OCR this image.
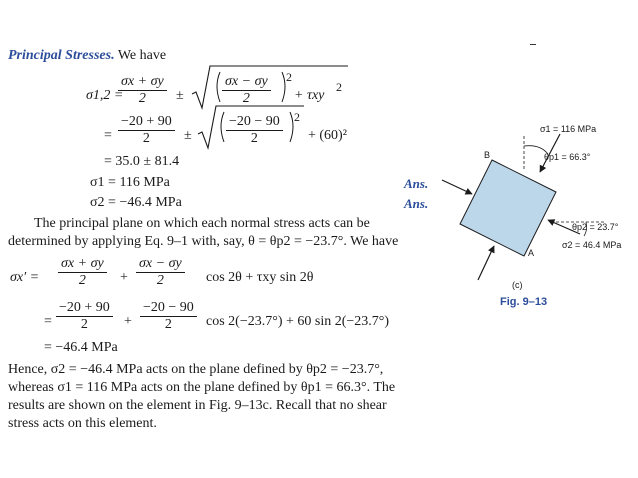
Principal Stresses. We have
σ1,2 =
$\frac{\sigma x + \sigma y}{2}$ ±	$\frac{\sigma x - \sigma y}{2} 2$
+ τxy
2
= $\frac{-20 + 90}{2} \pm \frac{-20 - 90}{2} 2$
+ (60)²
= 35.0 ± 81.4
σ1 = 116 MPa	Ans.
σ2 = −46.4 MPa	Ans.
The principal plane on which each normal stress acts can be
determined by applying Eq. 9–1 with, say, θ = θp2 = −23.7°. We have
$\sigma x' = \frac{\sigma x + \sigma y}{2} + \frac{\sigma x - \sigma y}{2}$ cos 2θ + τxy sin 2θ
= $\frac{-20 + 90}{2} + \frac{-20 - 90}{2}$ cos 2(−23.7°) + 60 sin 2(−23.7°)
= −46.4 MPa
Hence, σ2 = −46.4 MPa acts on the plane defined by θp2 = −23.7°,
whereas σ1 = 116 MPa acts on the plane defined by θp1 = 66.3°. The
results are shown on the element in Fig. 9–13c. Recall that no shear
stress acts on this element.
σ1 = 116 MPa
θp1 = 66.3°
B
A
θp2 = 23.7°
σ2 = 46.4 MPa
(c)
Fig. 9–13
